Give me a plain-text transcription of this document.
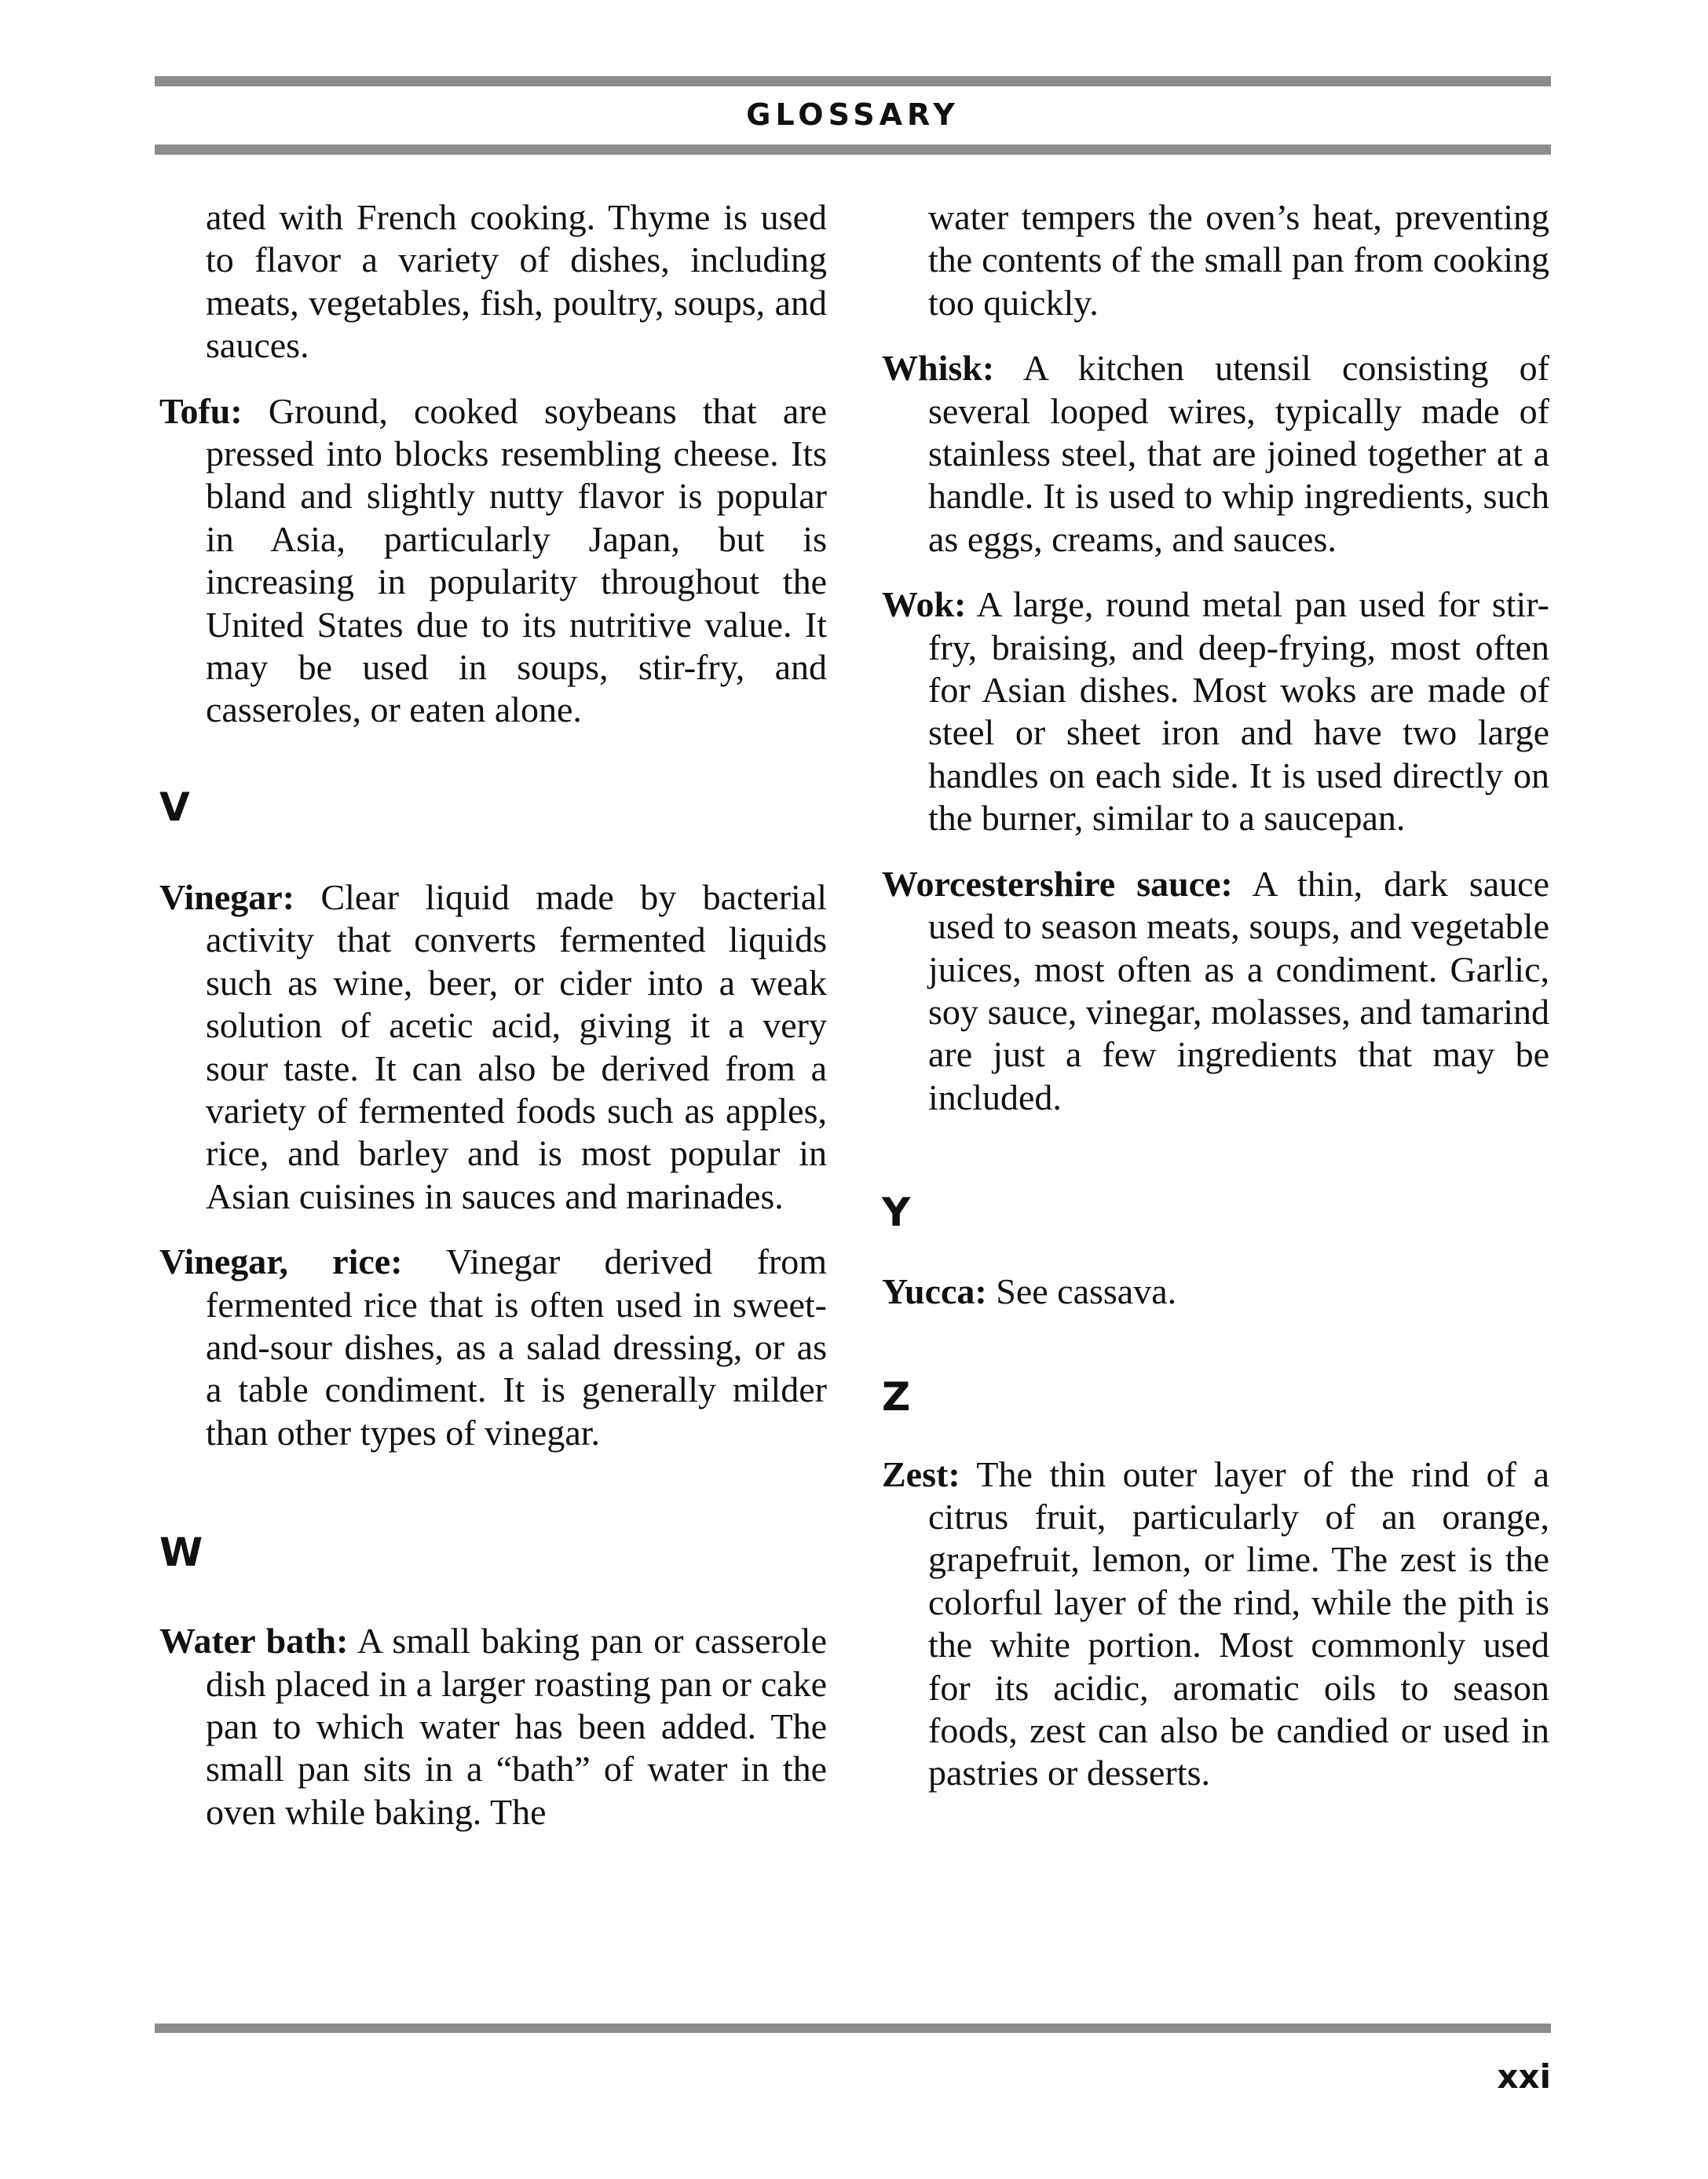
GLOSSARY

ated with French cooking. Thyme is used to flavor a variety of dishes, including meats, vegetables, fish, poultry, soups, and sauces.

Tofu: Ground, cooked soybeans that are pressed into blocks resembling cheese. Its bland and slightly nutty flavor is popular in Asia, particularly Japan, but is increasing in popularity throughout the United States due to its nutritive value. It may be used in soups, stir-fry, and casseroles, or eaten alone.

V

Vinegar: Clear liquid made by bacterial activity that converts fermented liquids such as wine, beer, or cider into a weak solution of acetic acid, giving it a very sour taste. It can also be derived from a variety of fermented foods such as apples, rice, and barley and is most popular in Asian cuisines in sauces and marinades.

Vinegar, rice: Vinegar derived from fermented rice that is often used in sweet-and-sour dishes, as a salad dressing, or as a table condiment. It is generally milder than other types of vinegar.

W

Water bath: A small baking pan or casserole dish placed in a larger roasting pan or cake pan to which water has been added. The small pan sits in a “bath” of water in the oven while baking. The

water tempers the oven’s heat, preventing the contents of the small pan from cooking too quickly.

Whisk: A kitchen utensil consisting of several looped wires, typically made of stainless steel, that are joined together at a handle. It is used to whip ingredients, such as eggs, creams, and sauces.

Wok: A large, round metal pan used for stir-fry, braising, and deep-frying, most often for Asian dishes. Most woks are made of steel or sheet iron and have two large handles on each side. It is used directly on the burner, similar to a saucepan.

Worcestershire sauce: A thin, dark sauce used to season meats, soups, and vegetable juices, most often as a condiment. Garlic, soy sauce, vinegar, molasses, and tamarind are just a few ingredients that may be included.

Y

Yucca: See cassava.

Z

Zest: The thin outer layer of the rind of a citrus fruit, particularly of an orange, grapefruit, lemon, or lime. The zest is the colorful layer of the rind, while the pith is the white portion. Most commonly used for its acidic, aromatic oils to season foods, zest can also be candied or used in pastries or desserts.

xxi
